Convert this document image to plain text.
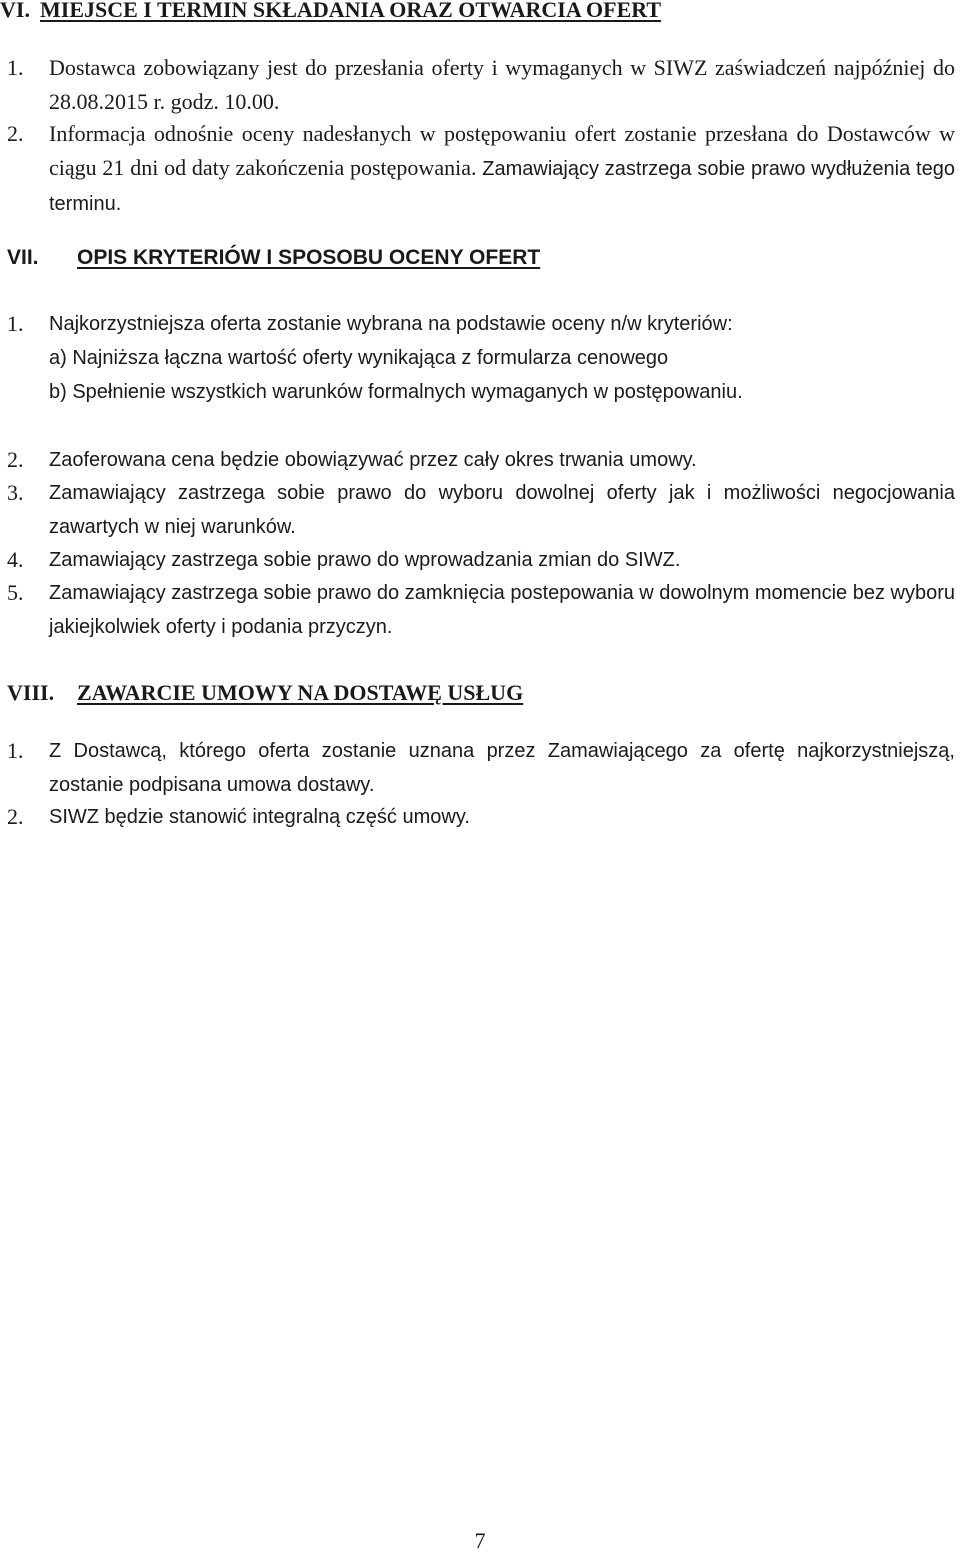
VI. MIEJSCE I TERMIN SKŁADANIA ORAZ OTWARCIA OFERT
1.	Dostawca zobowiązany jest do przesłania oferty i wymaganych w SIWZ zaświadczeń najpóźniej do 28.08.2015 r. godz. 10.00.
2.	Informacja odnośnie oceny nadesłanych w postępowaniu ofert zostanie przesłana do Dostawców w ciągu 21 dni od daty zakończenia postępowania. Zamawiający zastrzega sobie prawo wydłużenia tego terminu.
VII. OPIS KRYTERIÓW I SPOSOBU OCENY OFERT
1.	Najkorzystniejsza oferta zostanie wybrana na podstawie oceny n/w kryteriów:
a) Najniższa łączna wartość oferty wynikająca z formularza cenowego
b) Spełnienie wszystkich warunków formalnych wymaganych w postępowaniu.
2.	Zaoferowana cena będzie obowiązywać przez cały okres trwania umowy.
3.	Zamawiający zastrzega sobie prawo do wyboru dowolnej oferty jak i możliwości negocjowania zawartych w niej warunków.
4.	Zamawiający zastrzega sobie prawo do wprowadzania zmian do SIWZ.
5.	Zamawiający zastrzega sobie prawo do zamknięcia postepowania w dowolnym momencie bez wyboru jakiejkolwiek oferty i podania przyczyn.
VIII. ZAWARCIE UMOWY NA DOSTAWĘ USŁUG
1.	Z Dostawcą, którego oferta zostanie uznana przez Zamawiającego za ofertę najkorzystniejszą, zostanie podpisana umowa dostawy.
2.	SIWZ będzie stanowić integralną część umowy.
7
